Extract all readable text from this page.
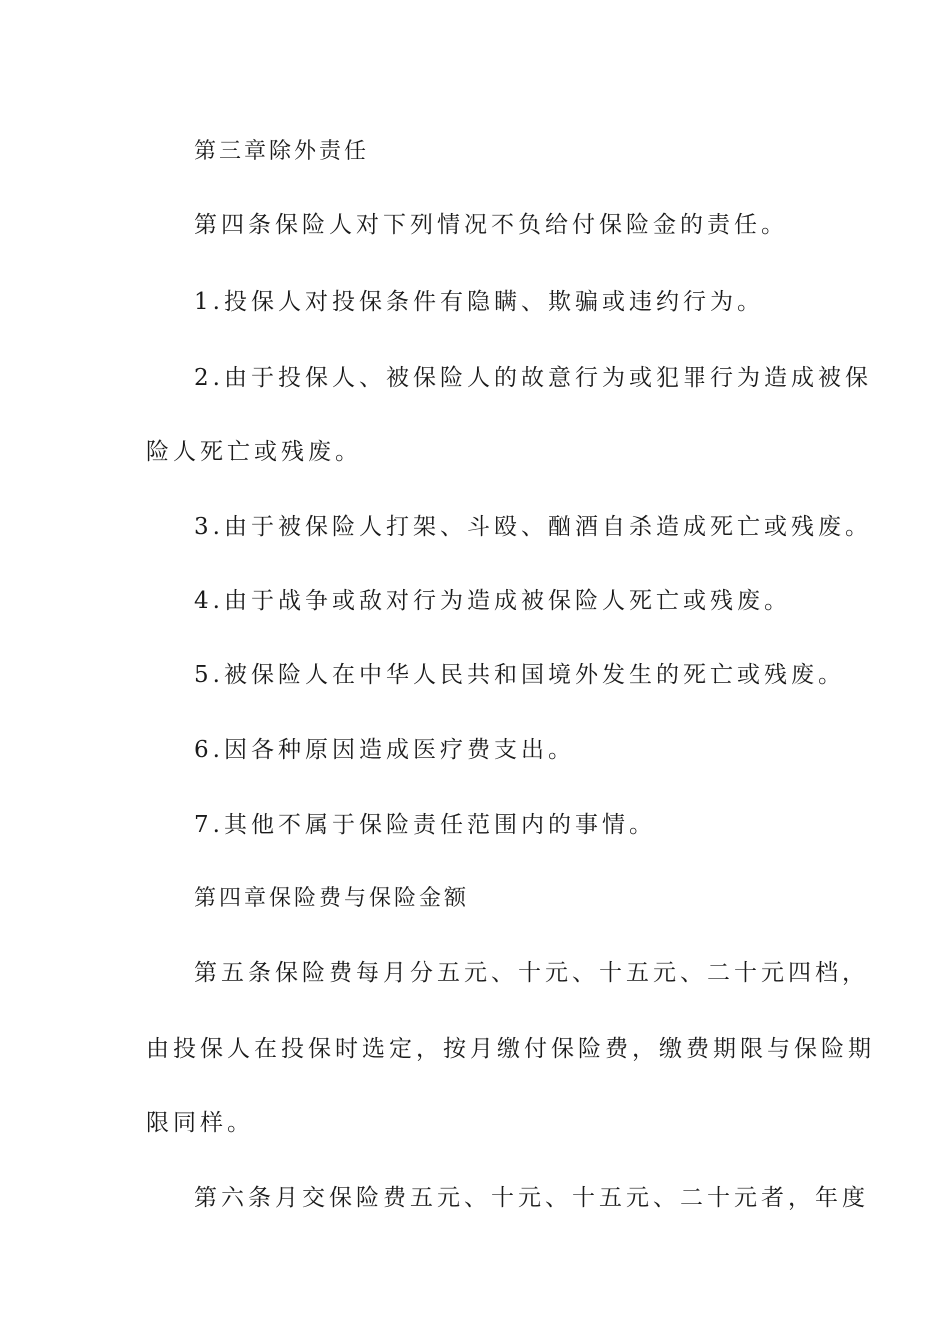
第三章除外责任
第四条保险人对下列情况不负给付保险金的责任。
1.投保人对投保条件有隐瞒、欺骗或违约行为。
2.由于投保人、被保险人的故意行为或犯罪行为造成被保
险人死亡或残废。
3.由于被保险人打架、斗殴、酗酒自杀造成死亡或残废。
4.由于战争或敌对行为造成被保险人死亡或残废。
5.被保险人在中华人民共和国境外发生的死亡或残废。
6.因各种原因造成医疗费支出。
7.其他不属于保险责任范围内的事情。
第四章保险费与保险金额
第五条保险费每月分五元、十元、十五元、二十元四档，
由投保人在投保时选定，按月缴付保险费，缴费期限与保险期
限同样。
第六条月交保险费五元、十元、十五元、二十元者，年度
